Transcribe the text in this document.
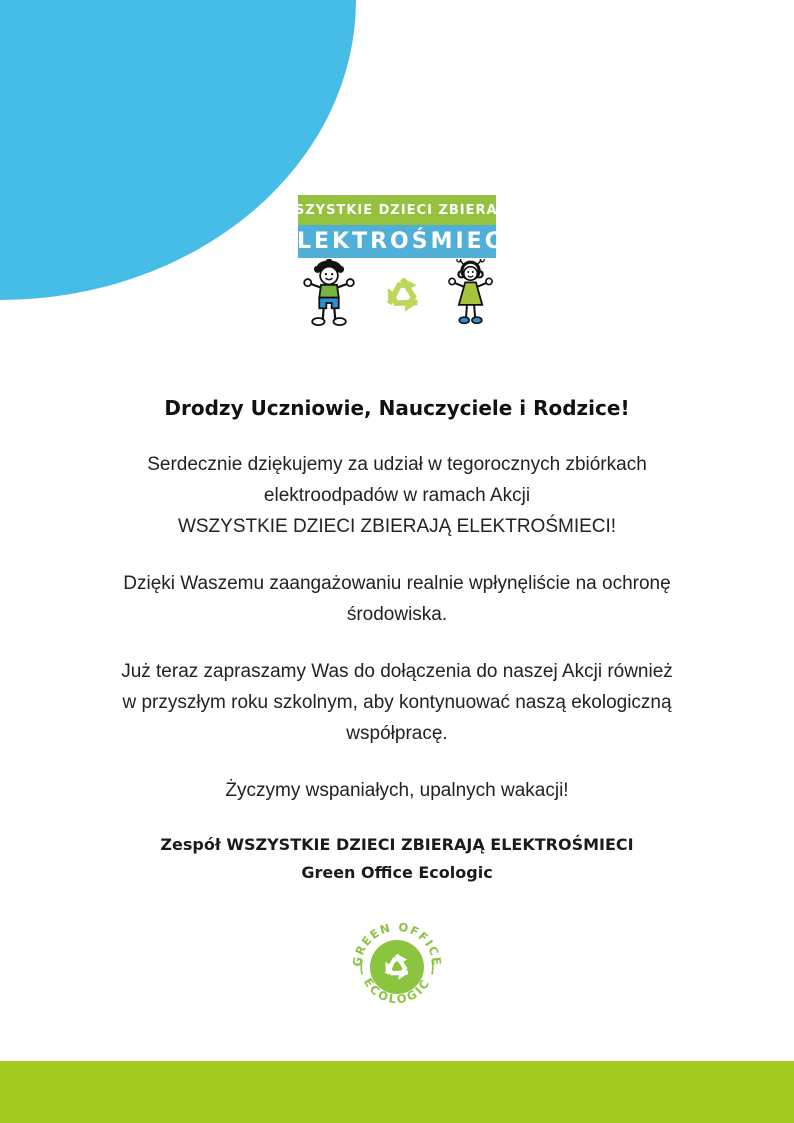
WSZYSTKIE DZIECI ZBIERAJA
ELEKTROŚMIECI
Drodzy Uczniowie, Nauczyciele i Rodzice!
Serdecznie dziękujemy za udział w tegorocznych zbiórkach
elektroodpadów w ramach Akcji
WSZYSTKIE DZIECI ZBIERAJĄ ELEKTROŚMIECI!
Dzięki Waszemu zaangażowaniu realnie wpłynęliście na ochronę
środowiska.
Już teraz zapraszamy Was do dołączenia do naszej Akcji również
w przyszłym roku szkolnym, aby kontynuować naszą ekologiczną
współpracę.
Życzymy wspaniałych, upalnych wakacji!
Zespół WSZYSTKIE DZIECI ZBIERAJĄ ELEKTROŚMIECI
Green Office Ecologic
GREEN OFFICE
ECOLOGIC
